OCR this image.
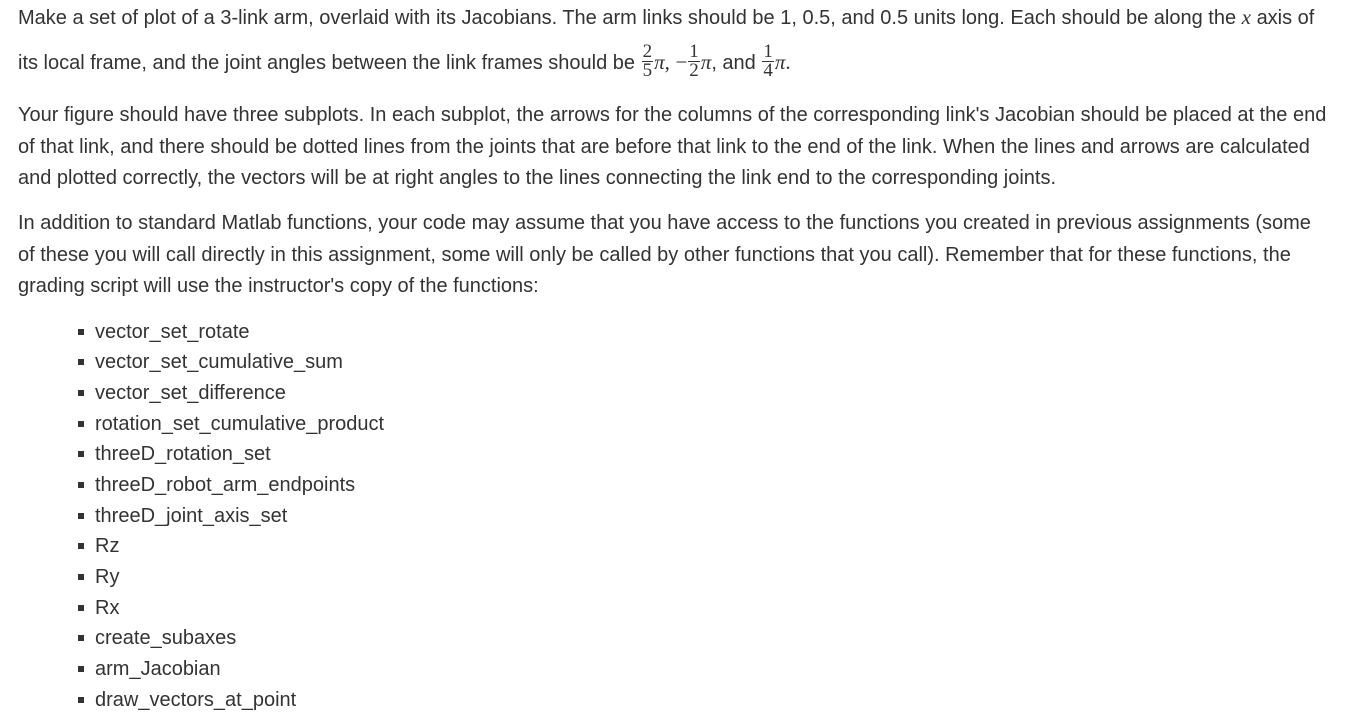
Make a set of plot of a 3-link arm, overlaid with its Jacobians. The arm links should be 1, 0.5, and 0.5 units long. Each should be along the x axis of
its local frame, and the joint angles between the link frames should be $\frac{2}{5} \pi$, − $\frac{1}{2} \pi$, and $\frac{1}{4} \pi$.
Your figure should have three subplots. In each subplot, the arrows for the columns of the corresponding link's Jacobian should be placed at the end
of that link, and there should be dotted lines from the joints that are before that link to the end of the link. When the lines and arrows are calculated
and plotted correctly, the vectors will be at right angles to the lines connecting the link end to the corresponding joints.
In addition to standard Matlab functions, your code may assume that you have access to the functions you created in previous assignments (some
of these you will call directly in this assignment, some will only be called by other functions that you call). Remember that for these functions, the
grading script will use the instructor's copy of the functions:
vector_set_rotate
vector_set_cumulative_sum
vector_set_difference
rotation_set_cumulative_product
threeD_rotation_set
threeD_robot_arm_endpoints
threeD_joint_axis_set
Rz
Ry
Rx
create_subaxes
arm_Jacobian
draw_vectors_at_point
